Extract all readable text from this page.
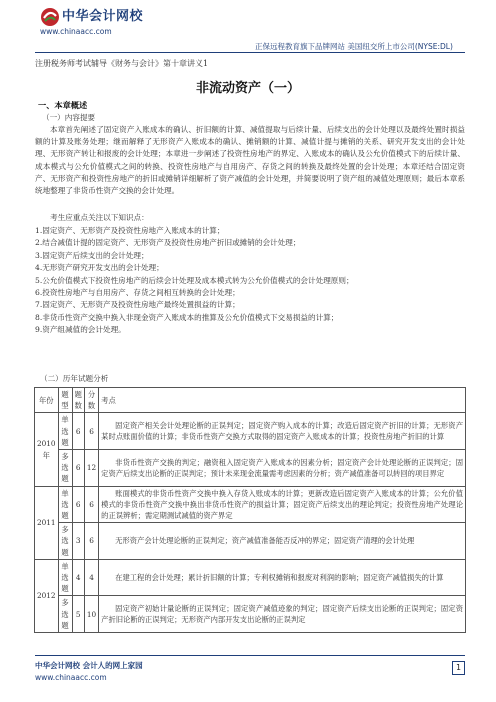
中华会计网校
www.chinaacc.com
正保远程教育旗下品牌网站 美国纽交所上市公司(NYSE:DL)
注册税务师考试辅导《财务与会计》第十章讲义1
非流动资产（一）
一、本章概述
（一）内容提要
本章首先阐述了固定资产入账成本的确认、折旧额的计算、减值提取与后续计量、后续支出的会计处理以及最终处置时损益额的计算及账务处理；继而解释了无形资产入账成本的确认、摊销额的计算、减值计提与摊销的关系、研究开发支出的会计处理、无形资产转让和报废的会计处理；本章进一步阐述了投资性房地产的界定、入账成本的确认及公允价值模式下的后续计量、成本模式与公允价值模式之间的转换、投资性房地产与自用房产、存货之间的转换及最终处置的会计处理；本章还结合固定资产、无形资产和投资性房地产的折旧或摊销详细解析了资产减值的会计处理，并简要说明了资产组的减值处理原则；最后本章系统地整理了非货币性资产交换的会计处理。
考生应重点关注以下知识点：
1.固定资产、无形资产及投资性房地产入账成本的计算；
2.结合减值计提的固定资产、无形资产及投资性房地产折旧或摊销的会计处理；
3.固定资产后续支出的会计处理；
4.无形资产研究开发支出的会计处理；
5.公允价值模式下投资性房地产的后续会计处理及成本模式转为公允价值模式的会计处理原则；
6.投资性房地产与自用房产、存货之间相互转换的会计处理；
7.固定资产、无形资产及投资性房地产最终处置损益的计算；
8.非货币性资产交换中换入非现金资产入账成本的推算及公允价值模式下交易损益的计算；
9.资产组减值的会计处理。
（二）历年试题分析
年份	题型	题数	分数	考点
2010年	单选题	6	6	固定资产相关会计处理论断的正误判定；固定资产购入成本的计算；改造后固定资产折旧的计算；无形资产某时点账面价值的计算；非货币性资产交换方式取得的固定资产入账成本的计算；投资性房地产折旧的计算
	多选题	6	12	非货币性资产交换的判定；融资租入固定资产入账成本的因素分析；固定资产会计处理论断的正误判定；固定资产后续支出论断的正误判定；预计未来现金流量需考虑因素的分析；资产减值准备可以转回的项目界定
2011	单选题	6	6	账面模式的非货币性资产交换中换入存货入账成本的计算；更新改造后固定资产入账成本的计算；公允价值模式的非货币性资产交换中换出非货币性资产的损益计算；固定资产后续支出的理论判定；投资性房地产处理论的正误辨析；需定期测试减值的资产界定
	多选题	3	6	无形资产会计处理论断的正误判定；资产减值准备能否反冲的界定；固定资产清理的会计处理
2012	单选题	4	4	在建工程的会计处理；累计折旧额的计算；专利权摊销和报废对利润的影响；固定资产减值损失的计算
	多选题	5	10	固定资产初始计量论断的正误判定；固定资产减值迹象的判定；固定资产后续支出论断的正误判定；固定资产折旧论断的正误判定；无形资产内部开发支出论断的正误判定
中华会计网校 会计人的网上家园
www.chinaacc.com
1
